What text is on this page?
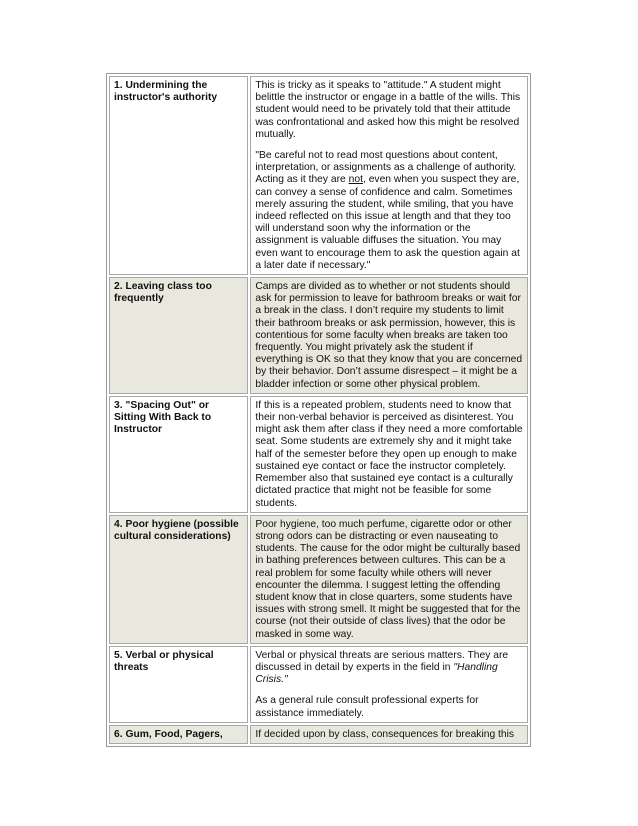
1. Undermining the instructor's authority	This is tricky as it speaks to "attitude." A student might belittle the instructor or engage in a battle of the wills. This student would need to be privately told that their attitude was confrontational and asked how this might be resolved mutually.

"Be careful not to read most questions about content, interpretation, or assignments as a challenge of authority. Acting as it they are not, even when you suspect they are, can convey a sense of confidence and calm. Sometimes merely assuring the student, while smiling, that you have indeed reflected on this issue at length and that they too will understand soon why the information or the assignment is valuable diffuses the situation. You may even want to encourage them to ask the question again at a later date if necessary."

2. Leaving class too frequently	Camps are divided as to whether or not students should ask for permission to leave for bathroom breaks or wait for a break in the class. I don’t require my students to limit their bathroom breaks or ask permission, however, this is contentious for some faculty when breaks are taken too frequently. You might privately ask the student if everything is OK so that they know that you are concerned by their behavior. Don’t assume disrespect – it might be a bladder infection or some other physical problem.

3. "Spacing Out" or Sitting With Back to Instructor	If this is a repeated problem, students need to know that their non-verbal behavior is perceived as disinterest. You might ask them after class if they need a more comfortable seat. Some students are extremely shy and it might take half of the semester before they open up enough to make sustained eye contact or face the instructor completely. Remember also that sustained eye contact is a culturally dictated practice that might not be feasible for some students.

4. Poor hygiene (possible cultural considerations)	Poor hygiene, too much perfume, cigarette odor or other strong odors can be distracting or even nauseating to students. The cause for the odor might be culturally based in bathing preferences between cultures. This can be a real problem for some faculty while others will never encounter the dilemma. I suggest letting the offending student know that in close quarters, some students have issues with strong smell. It might be suggested that for the course (not their outside of class lives) that the odor be masked in some way.

5. Verbal or physical threats	Verbal or physical threats are serious matters. They are discussed in detail by experts in the field in "Handling Crisis."

As a general rule consult professional experts for assistance immediately.

6. Gum, Food, Pagers,	If decided upon by class, consequences for breaking this
